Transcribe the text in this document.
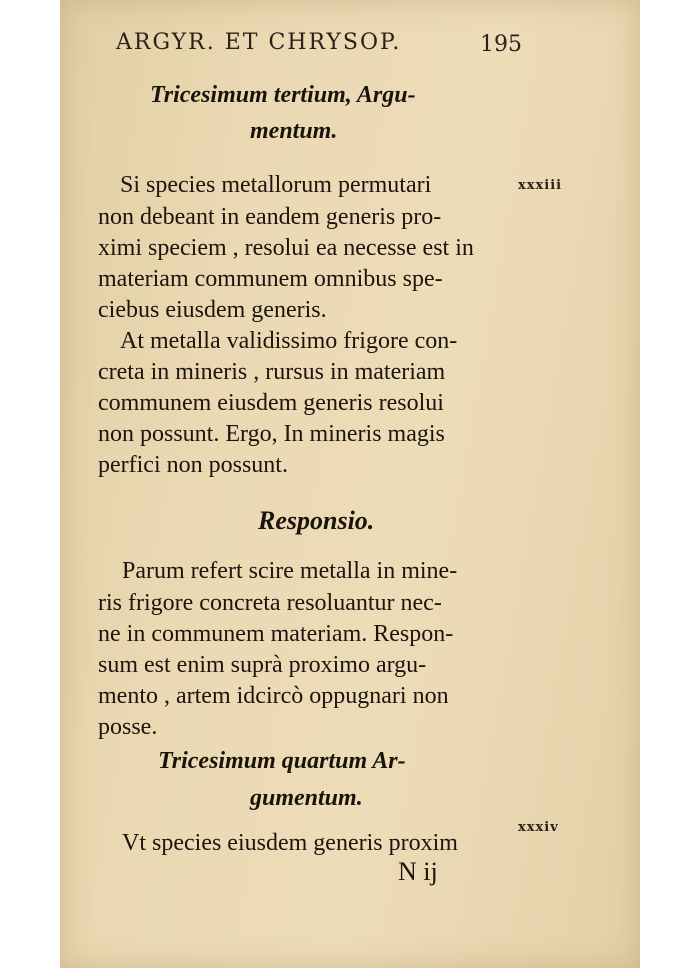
ARGYR. ET CHRYSOP.	195
Tricesimum tertium, Argu-
mentum.
xxxiii
Si species metallorum permutari
non debeant in eandem generis pro-
ximi speciem , resolui ea necesse est in
materiam communem omnibus spe-
ciebus eiusdem generis.
At metalla validissimo frigore con-
creta in mineris , rursus in materiam
communem eiusdem generis resolui
non possunt. Ergo, In mineris magis
perfici non possunt.
Responsio.
Parum refert scire metalla in mine-
ris frigore concreta resoluantur nec-
ne in communem materiam. Respon-
sum est enim suprà proximo argu-
mento , artem idcircò oppugnari non
posse.
Tricesimum quartum Ar-
gumentum.
xxxiv
Vt species eiusdem generis proxim
N ij
